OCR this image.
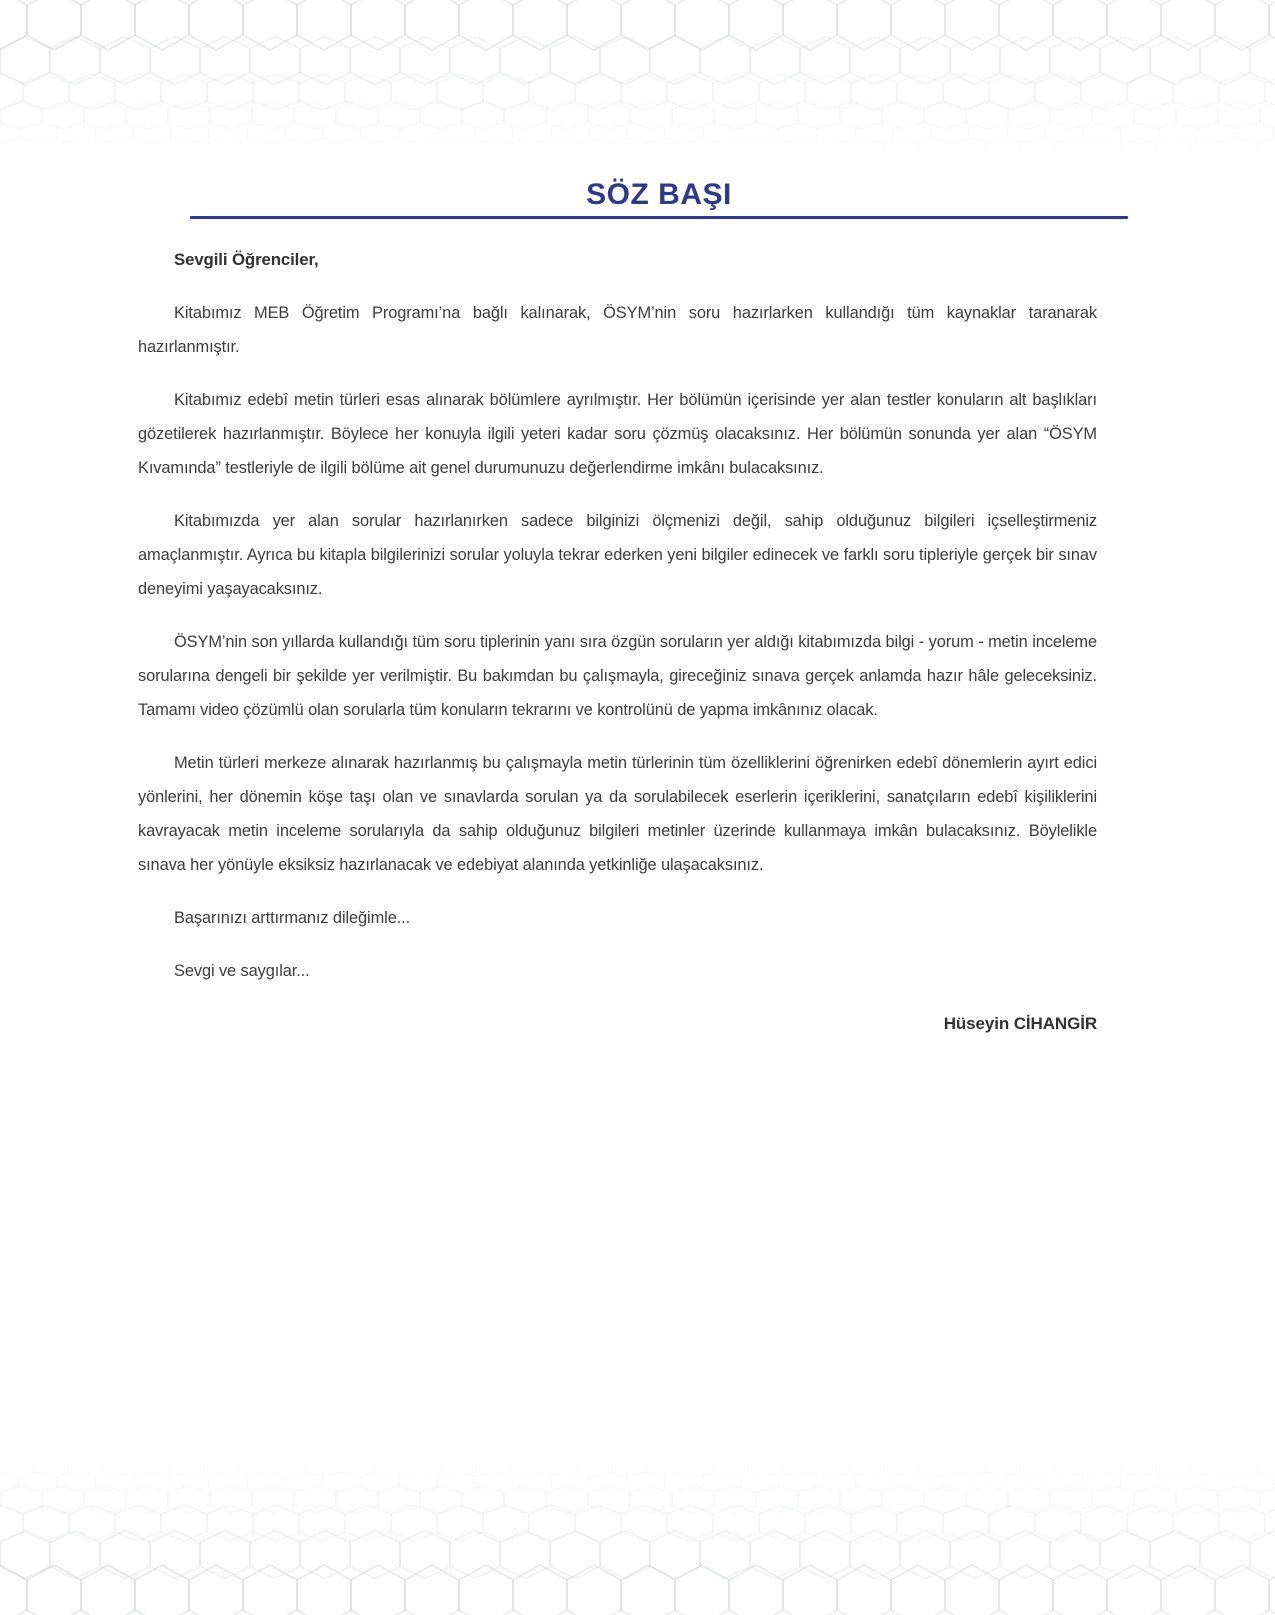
SÖZ BAŞI

Sevgili Öğrenciler,

Kitabımız MEB Öğretim Programı’na bağlı kalınarak, ÖSYM’nin soru hazırlarken kullandığı tüm kaynaklar taranarak hazırlanmıştır.

Kitabımız edebî metin türleri esas alınarak bölümlere ayrılmıştır. Her bölümün içerisinde yer alan testler konuların alt başlıkları gözetilerek hazırlanmıştır. Böylece her konuyla ilgili yeteri kadar soru çözmüş olacaksınız. Her bölümün sonunda yer alan “ÖSYM Kıvamında” testleriyle de ilgili bölüme ait genel durumunuzu değerlendirme imkânı bulacaksınız.

Kitabımızda yer alan sorular hazırlanırken sadece bilginizi ölçmenizi değil, sahip olduğunuz bilgileri içselleştirmeniz amaçlanmıştır. Ayrıca bu kitapla bilgilerinizi sorular yoluyla tekrar ederken yeni bilgiler edinecek ve farklı soru tipleriyle gerçek bir sınav deneyimi yaşayacaksınız.

ÖSYM’nin son yıllarda kullandığı tüm soru tiplerinin yanı sıra özgün soruların yer aldığı kitabımızda bilgi - yorum - metin inceleme sorularına dengeli bir şekilde yer verilmiştir. Bu bakımdan bu çalışmayla, gireceğiniz sınava gerçek anlamda hazır hâle geleceksiniz. Tamamı video çözümlü olan sorularla tüm konuların tekrarını ve kontrolünü de yapma imkânınız olacak.

Metin türleri merkeze alınarak hazırlanmış bu çalışmayla metin türlerinin tüm özelliklerini öğrenirken edebî dönemlerin ayırt edici yönlerini, her dönemin köşe taşı olan ve sınavlarda sorulan ya da sorulabilecek eserlerin içeriklerini, sanatçıların edebî kişiliklerini kavrayacak metin inceleme sorularıyla da sahip olduğunuz bilgileri metinler üzerinde kullanmaya imkân bulacaksınız. Böylelikle sınava her yönüyle eksiksiz hazırlanacak ve edebiyat alanında yetkinliğe ulaşacaksınız.

Başarınızı arttırmanız dileğimle...

Sevgi ve saygılar...

Hüseyin CİHANGİR
